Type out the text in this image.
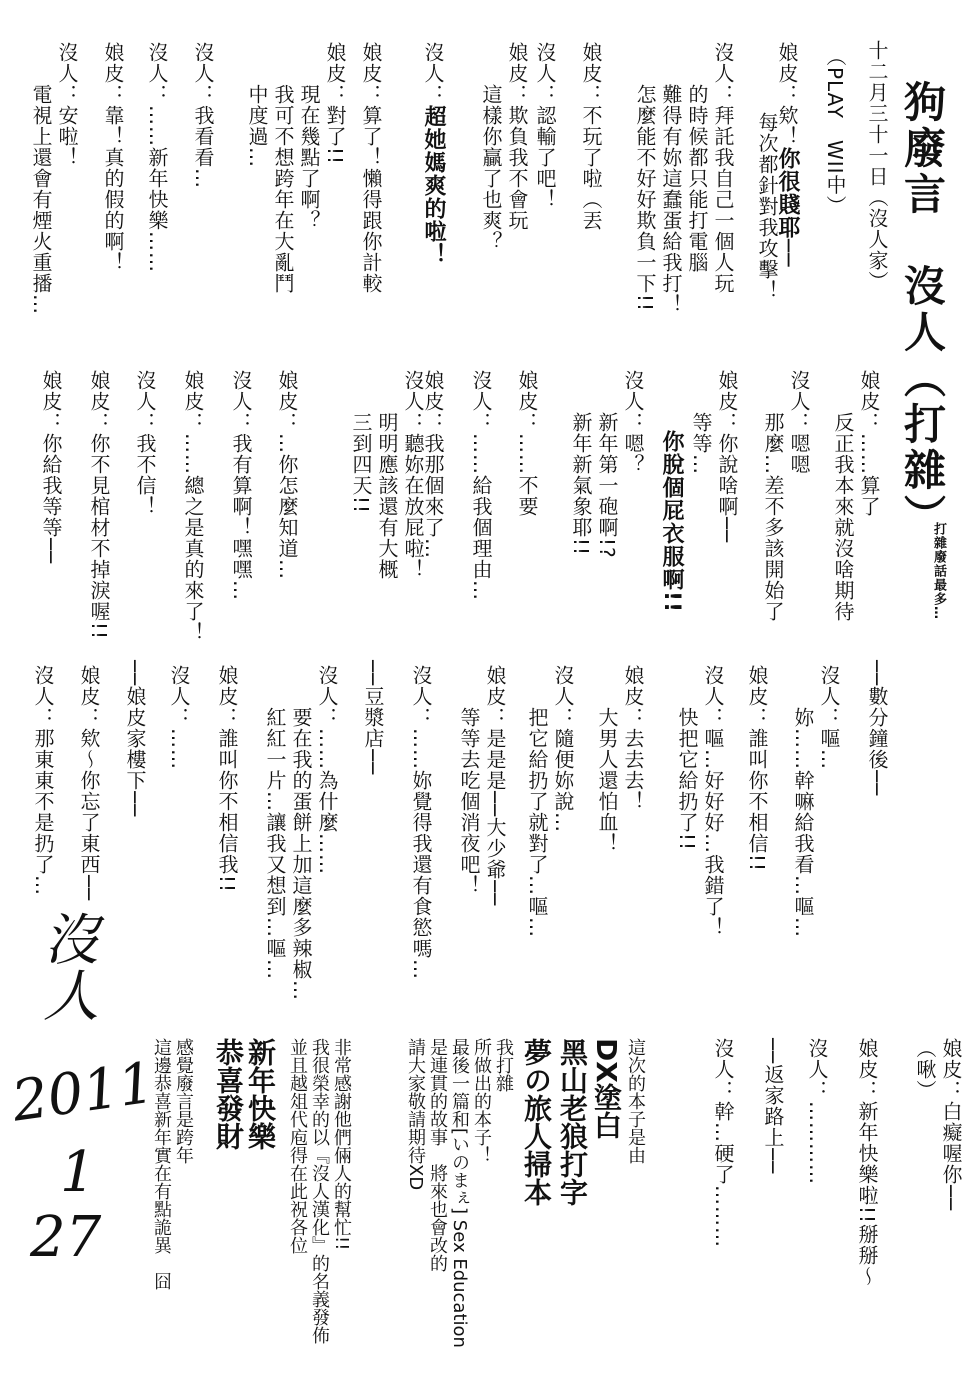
狗廢言　沒人（打雜）
打雜廢話最多…
十二月三十一日（沒人家）
（PLAY　WII中）
娘皮：欸！你很賤耶──
　　每次都針對我攻擊！
沒人：拜託我自己一個人玩
　　的時候都只能打電腦
　　難得有妳這蠢蛋給我打！
　　怎麼能不好好欺負一下!!
娘皮：不玩了啦（丟
沒人：認輸了吧！
娘皮：欺負我不會玩
　　這樣你贏了也爽？
沒人：超她媽爽的啦！
娘皮：算了！懶得跟你計較
娘皮：對了!!
　　現在幾點了啊？
　　我可不想跨年在大亂鬥
　　中度過…
沒人：我看看…
沒人：……新年快樂……
娘皮：靠！真的假的啊！
沒人：安啦！
　　電視上還會有煙火重播…
娘皮：……算了
　　反正我本來就沒啥期待
沒人：嗯嗯
　　那麼…差不多該開始了
娘皮：你說啥啊──
　　等等…
你脫個屁衣服啊!!
沒人：嗯？
　　新年第一砲啊!?
　　新年新氣象耶!!
娘皮：……不要
沒人：……給我個理由…
娘皮：我那個來了…
沒人：聽妳在放屁啦！
　　明明應該還有大概
　　三到四天!!
娘皮：…你怎麼知道…
沒人：我有算啊！嘿嘿…
娘皮：……總之是真的來了！
沒人：我不信！
娘皮：你不見棺材不掉淚喔!!
娘皮：你給我等等──
──數分鐘後──
沒人：嘔…
　　妳……幹嘛給我看…嘔…
娘皮：誰叫你不相信!!
沒人：嘔…好好好…我錯了！
　　快把它給扔了!!
娘皮：去去去！
　　大男人還怕血！
沒人：隨便妳說…
　　把它給扔了就對了…嘔…
娘皮：是是是──大少爺──
　　等等去吃個消夜吧！
沒人：……妳覺得我還有食慾嗎…
──豆漿店──
沒人：……為什麼……
　　要在我的蛋餅上加這麼多辣椒…
　　紅紅一片…讓我又想到…嘔…
娘皮：誰叫你不相信我!!
沒人：……
──娘皮家樓下──
娘皮：欸～你忘了東西──
沒人：那東東不是扔了…
娘皮：白癡喔你──
（啾）
娘皮：新年快樂啦!!掰掰～
沒人：…………
──返家路上──
沒人：幹…硬了………
這次的本子是由
DX塗白
黑山老狼打字
夢の旅人掃本
我打雜
所做出的本子！
最後一篇和[いのまぇ] Sex Education
是連貫的故事　將來也會改的
請大家敬請期待XD
非常感謝他們倆人的幫忙!!
我很榮幸的以『沒人漢化』的名義發佈
並且越俎代庖得在此祝各位
新年快樂
恭喜發財
感覺廢言是跨年
這邊恭喜新年實在有點詭異　囧
沒人
2011
1
27
